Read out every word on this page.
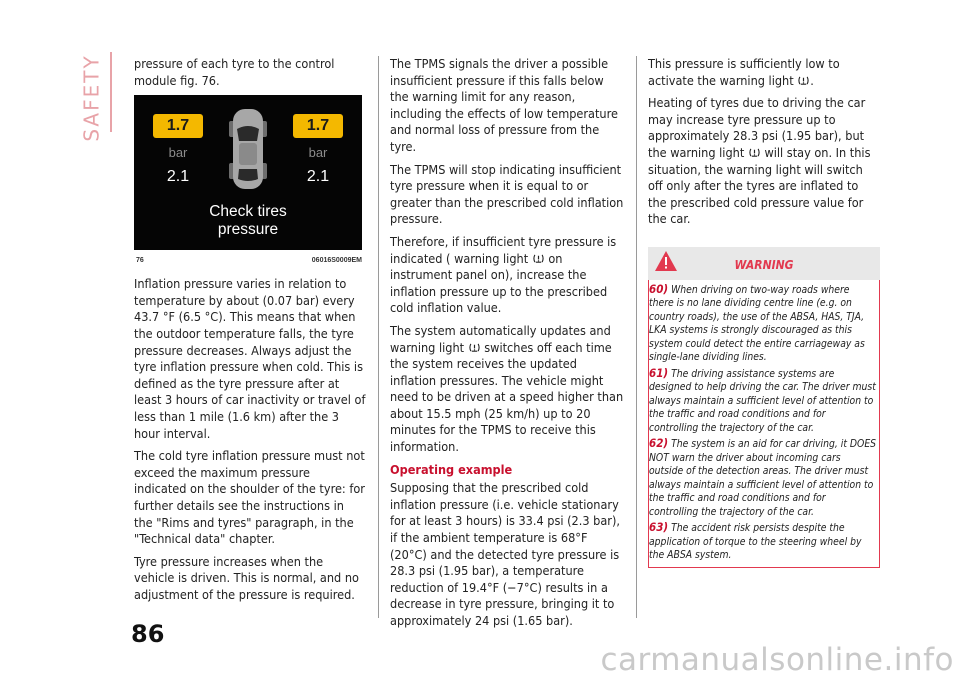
SAFETY pressure of each tyre to the control module fig. 76.

1.7	1.7
bar	bar
2.1	2.1
Check tires
pressure
76	06016S0009EM

Inflation pressure varies in relation to temperature by about (0.07 bar) every 43.7 °F (6.5 °C). This means that when the outdoor temperature falls, the tyre pressure decreases. Always adjust the tyre inflation pressure when cold. This is defined as the tyre pressure after at least 3 hours of car inactivity or travel of less than 1 mile (1.6 km) after the 3 hour interval.

The cold tyre inflation pressure must not exceed the maximum pressure indicated on the shoulder of the tyre: for further details see the instructions in the "Rims and tyres" paragraph, in the "Technical data" chapter.

Tyre pressure increases when the vehicle is driven. This is normal, and no adjustment of the pressure is required.

The TPMS signals the driver a possible insufficient pressure if this falls below the warning limit for any reason, including the effects of low temperature and normal loss of pressure from the tyre.

The TPMS will stop indicating insufficient tyre pressure when it is equal to or greater than the prescribed cold inflation pressure.

Therefore, if insufficient tyre pressure is indicated ( warning light on instrument panel on), increase the inflation pressure up to the prescribed cold inflation value.

The system automatically updates and warning light switches off each time the system receives the updated inflation pressures. The vehicle might need to be driven at a speed higher than about 15.5 mph (25 km/h) up to 20 minutes for the TPMS to receive this information.

Operating example

Supposing that the prescribed cold inflation pressure (i.e. vehicle stationary for at least 3 hours) is 33.4 psi (2.3 bar), if the ambient temperature is 68°F (20°C) and the detected tyre pressure is 28.3 psi (1.95 bar), a temperature reduction of 19.4°F (−7°C) results in a decrease in tyre pressure, bringing it to approximately 24 psi (1.65 bar).

This pressure is sufficiently low to activate the warning light .

Heating of tyres due to driving the car may increase tyre pressure up to approximately 28.3 psi (1.95 bar), but the warning light will stay on. In this situation, the warning light will switch off only after the tyres are inflated to the prescribed cold pressure value for the car.

WARNING
60) When driving on two-way roads where there is no lane dividing centre line (e.g. on country roads), the use of the ABSA, HAS, TJA, LKA systems is strongly discouraged as this system could detect the entire carriageway as single-lane dividing lines.
61) The driving assistance systems are designed to help driving the car. The driver must always maintain a sufficient level of attention to the traffic and road conditions and for controlling the trajectory of the car.
62) The system is an aid for car driving, it DOES NOT warn the driver about incoming cars outside of the detection areas. The driver must always maintain a sufficient level of attention to the traffic and road conditions and for controlling the trajectory of the car.
63) The accident risk persists despite the application of torque to the steering wheel by the ABSA system.
86
carmanualsonline.info
